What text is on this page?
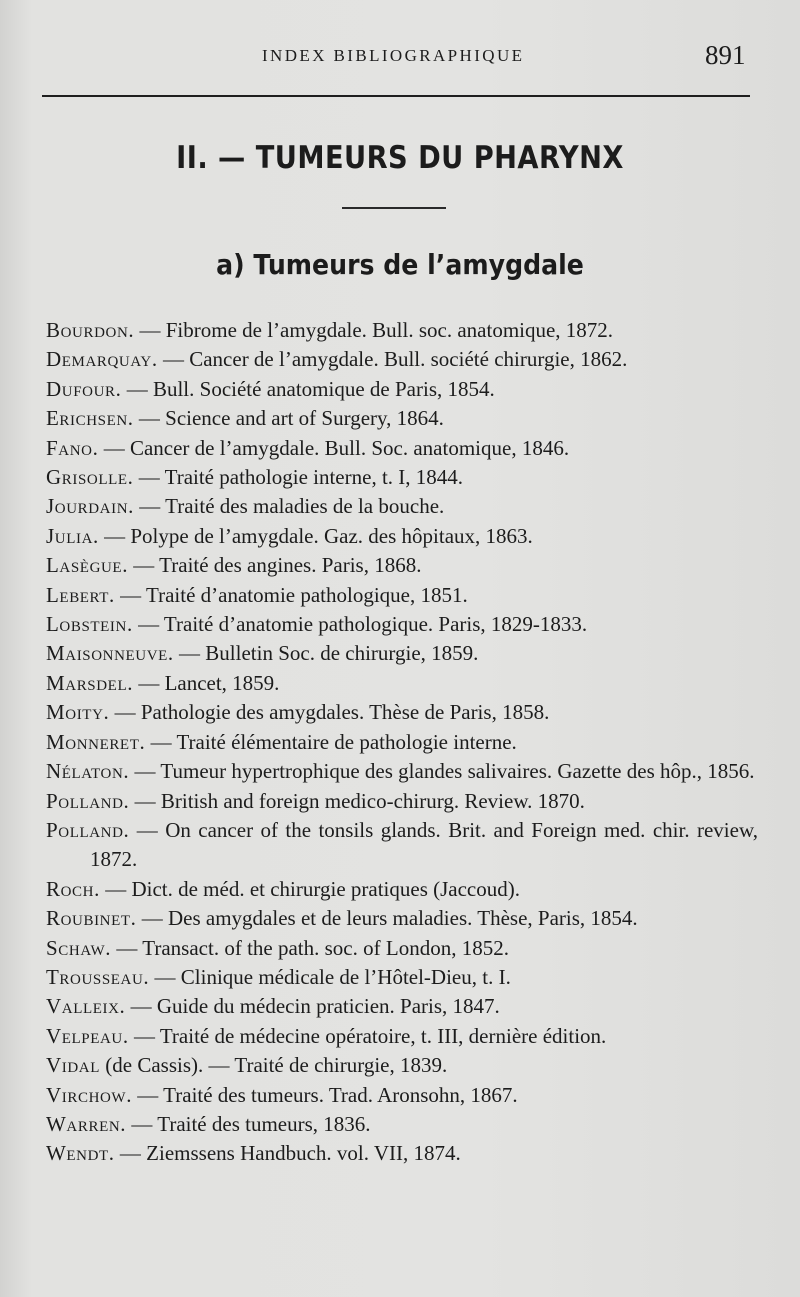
INDEX BIBLIOGRAPHIQUE	891
II. — TUMEURS DU PHARYNX
a) Tumeurs de l’amygdale
Bourdon. — Fibrome de l’amygdale. Bull. soc. anatomique, 1872.
Demarquay. — Cancer de l’amygdale. Bull. société chirurgie, 1862.
Dufour. — Bull. Société anatomique de Paris, 1854.
Erichsen. — Science and art of Surgery, 1864.
Fano. — Cancer de l’amygdale. Bull. Soc. anatomique, 1846.
Grisolle. — Traité pathologie interne, t. I, 1844.
Jourdain. — Traité des maladies de la bouche.
Julia. — Polype de l’amygdale. Gaz. des hôpitaux, 1863.
Lasègue. — Traité des angines. Paris, 1868.
Lebert. — Traité d’anatomie pathologique, 1851.
Lobstein. — Traité d’anatomie pathologique. Paris, 1829-1833.
Maisonneuve. — Bulletin Soc. de chirurgie, 1859.
Marsdel. — Lancet, 1859.
Moity. — Pathologie des amygdales. Thèse de Paris, 1858.
Monneret. — Traité élémentaire de pathologie interne.
Nélaton. — Tumeur hypertrophique des glandes salivaires. Gazette des hôp., 1856.
Polland. — British and foreign medico-chirurg. Review. 1870.
Polland. — On cancer of the tonsils glands. Brit. and Foreign med. chir. review, 1872.
Roch. — Dict. de méd. et chirurgie pratiques (Jaccoud).
Roubinet. — Des amygdales et de leurs maladies. Thèse, Paris, 1854.
Schaw. — Transact. of the path. soc. of London, 1852.
Trousseau. — Clinique médicale de l’Hôtel-Dieu, t. I.
Valleix. — Guide du médecin praticien. Paris, 1847.
Velpeau. — Traité de médecine opératoire, t. III, dernière édition.
Vidal (de Cassis). — Traité de chirurgie, 1839.
Virchow. — Traité des tumeurs. Trad. Aronsohn, 1867.
Warren. — Traité des tumeurs, 1836.
Wendt. — Ziemssens Handbuch. vol. VII, 1874.
